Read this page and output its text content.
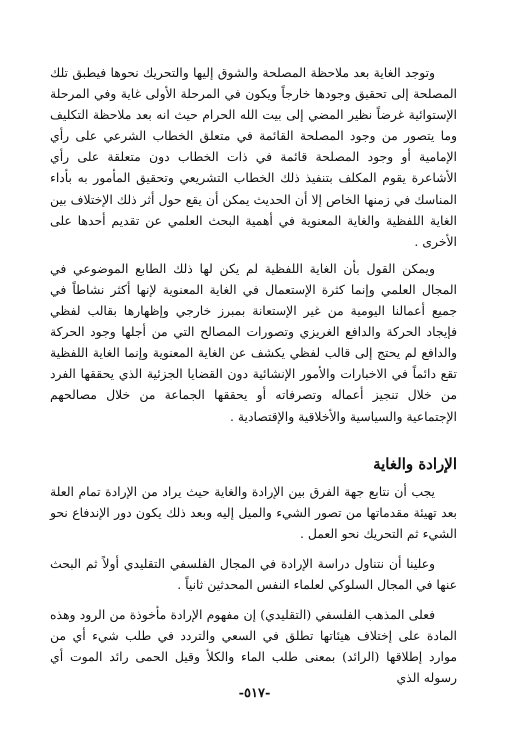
وتوجد الغاية بعد ملاحظة المصلحة والشوق إليها والتحريك نحوها فيطبق تلك المصلحة إلى تحقيق وجودها خارجاً ويكون في المرحلة الأولى غاية وفي المرحلة الإستوائية غرضاً نظير المضي إلى بيت الله الحرام حيث انه بعد ملاحظة التكليف وما يتصور من وجود المصلحة القائمة في متعلق الخطاب الشرعي على رأي الإمامية أو وجود المصلحة قائمة في ذات الخطاب دون متعلقة على رأي الأشاعرة يقوم المكلف بتنفيذ ذلك الخطاب التشريعي وتحقيق المأمور به بأداء المناسك في زمنها الخاص إلا أن الحديث يمكن أن يقع حول أثر ذلك الإختلاف بين الغاية اللفظية والغاية المعنوية في أهمية البحث العلمي عن تقديم أحدها على الأخرى .

ويمكن القول بأن الغاية اللفظية لم يكن لها ذلك الطابع الموضوعي في المجال العلمي وإنما كثرة الإستعمال في الغاية المعنوية لإنها أكثر نشاطاً في جميع أعمالنا اليومية من غير الإستعانة بمبرز خارجي وإظهارها بقالب لفظي فإيجاد الحركة والدافع الغريزي وتصورات المصالح التي من أجلها وجود الحركة والدافع لم يحتج إلى قالب لفظي يكشف عن الغاية المعنوية وإنما الغاية اللفظية تقع دائماً في الاخبارات والأمور الإنشائية دون القضايا الجزئية الذي يحققها الفرد من خلال تنجيز أعماله وتصرفاته أو يحققها الجماعة من خلال مصالحهم الإجتماعية والسياسية والأخلاقية والإقتصادية .

الإرادة والغاية

يجب أن نتابع جهة الفرق بين الإرادة والغاية حيث يراد من الإرادة تمام العلة بعد تهيئة مقدماتها من تصور الشيء والميل إليه وبعد ذلك يكون دور الإندفاع نحو الشيء ثم التحريك نحو العمل .

وعلينا أن نتناول دراسة الإرادة في المجال الفلسفي التقليدي أولاً ثم البحث عنها في المجال السلوكي لعلماء النفس المحدثين ثانياً .

فعلى المذهب الفلسفي (التقليدي) إن مفهوم الإرادة مأخوذة من الرود وهذه المادة على إختلاف هيئاتها تطلق في السعي والتردد في طلب شيء أي من موارد إطلاقها (الرائد) بمعنى طلب الماء والكلأ وقيل الحمى رائد الموت أي رسوله الذي

-٥١٧-
